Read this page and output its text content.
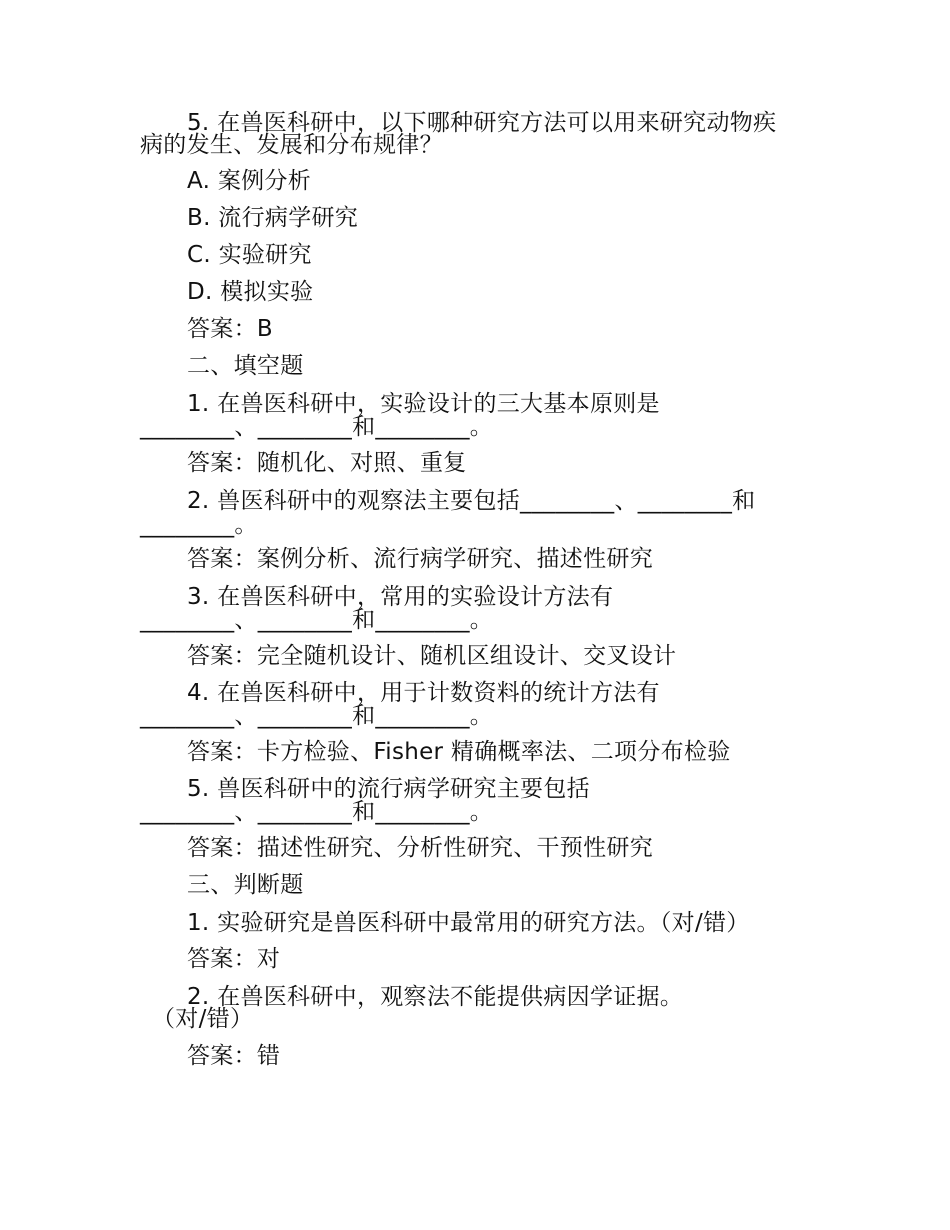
5. 在兽医科研中，以下哪种研究方法可以用来研究动物疾
病的发生、发展和分布规律？
A. 案例分析
B. 流行病学研究
C. 实验研究
D. 模拟实验
答案：B
二、填空题
1. 在兽医科研中，实验设计的三大基本原则是
________、________和________。
答案：随机化、对照、重复
2. 兽医科研中的观察法主要包括________、________和
________。
答案：案例分析、流行病学研究、描述性研究
3. 在兽医科研中，常用的实验设计方法有
________、________和________。
答案：完全随机设计、随机区组设计、交叉设计
4. 在兽医科研中，用于计数资料的统计方法有
________、________和________。
答案：卡方检验、Fisher 精确概率法、二项分布检验
5. 兽医科研中的流行病学研究主要包括
________、________和________。
答案：描述性研究、分析性研究、干预性研究
三、判断题
1. 实验研究是兽医科研中最常用的研究方法。（对/错）
答案：对
2. 在兽医科研中，观察法不能提供病因学证据。
（对/错）
答案：错
